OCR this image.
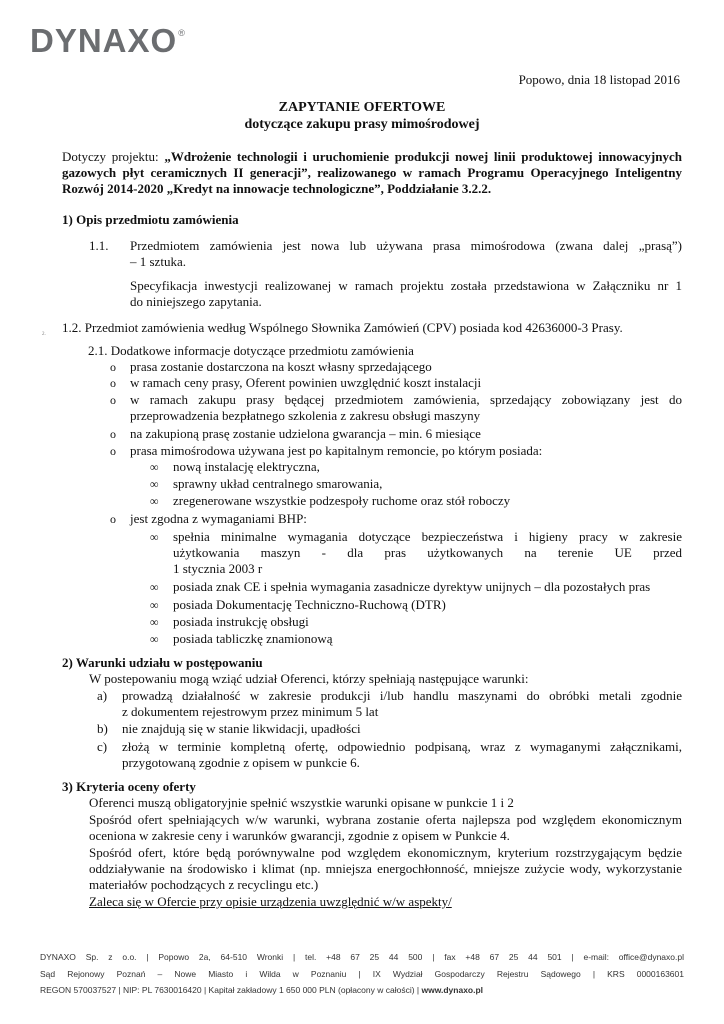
DYNAXO®
Popowo, dnia 18 listopad 2016
ZAPYTANIE OFERTOWE
dotyczące zakupu prasy mimośrodowej
Dotyczy projektu: „Wdrożenie technologii i uruchomienie produkcji nowej linii produktowej innowacyjnych
gazowych płyt ceramicznych II generacji”, realizowanego w ramach Programu Operacyjnego Inteligentny
Rozwój 2014-2020 „Kredyt na innowacje technologiczne”, Poddziałanie 3.2.2.
1) Opis przedmiotu zamówienia
1.1. Przedmiotem zamówienia jest nowa lub używana prasa mimośrodowa (zwana dalej „prasą”)
– 1 sztuka.
Specyfikacja inwestycji realizowanej w ramach projektu została przedstawiona w Załączniku nr 1
do niniejszego zapytania.
1.2. Przedmiot zamówienia według Wspólnego Słownika Zamówień (CPV) posiada kod 42636000-3 Prasy.
2.
2.1. Dodatkowe informacje dotyczące przedmiotu zamówienia
o prasa zostanie dostarczona na koszt własny sprzedającego
o w ramach ceny prasy, Oferent powinien uwzględnić koszt instalacji
o w ramach zakupu prasy będącej przedmiotem zamówienia, sprzedający zobowiązany jest do
przeprowadzenia bezpłatnego szkolenia z zakresu obsługi maszyny
o na zakupioną prasę zostanie udzielona gwarancja – min. 6 miesiące
o prasa mimośrodowa używana jest po kapitalnym remoncie, po którym posiada:
∞ nową instalację elektryczna,
∞ sprawny układ centralnego smarowania,
∞ zregenerowane wszystkie podzespoły ruchome oraz stół roboczy
o jest zgodna z wymaganiami BHP:
∞ spełnia minimalne wymagania dotyczące bezpieczeństwa i higieny pracy w zakresie
użytkowania maszyn - dla pras użytkowanych na terenie UE przed
1 stycznia 2003 r
∞ posiada znak CE i spełnia wymagania zasadnicze dyrektyw unijnych – dla pozostałych pras
∞ posiada Dokumentację Techniczno-Ruchową (DTR)
∞ posiada instrukcję obsługi
∞ posiada tabliczkę znamionową
2) Warunki udziału w postępowaniu
W postepowaniu mogą wziąć udział Oferenci, którzy spełniają następujące warunki:
a) prowadzą działalność w zakresie produkcji i/lub handlu maszynami do obróbki metali zgodnie
z dokumentem rejestrowym przez minimum 5 lat
b) nie znajdują się w stanie likwidacji, upadłości
c) złożą w terminie kompletną ofertę, odpowiednio podpisaną, wraz z wymaganymi załącznikami,
przygotowaną zgodnie z opisem w punkcie 6.
3) Kryteria oceny oferty
Oferenci muszą obligatoryjnie spełnić wszystkie warunki opisane w punkcie 1 i 2
Spośród ofert spełniających w/w warunki, wybrana zostanie oferta najlepsza pod względem ekonomicznym
oceniona w zakresie ceny i warunków gwarancji, zgodnie z opisem w Punkcie 4.
Spośród ofert, które będą porównywalne pod względem ekonomicznym, kryterium rozstrzygającym będzie
oddziaływanie na środowisko i klimat (np. mniejsza energochłonność, mniejsze zużycie wody, wykorzystanie
materiałów pochodzących z recyclingu etc.)
Zaleca się w Ofercie przy opisie urządzenia uwzględnić w/w aspekty/
DYNAXO Sp. z o.o. | Popowo 2a, 64-510 Wronki | tel. +48 67 25 44 500 | fax +48 67 25 44 501 | e-mail: office@dynaxo.pl
Sąd Rejonowy Poznań – Nowe Miasto i Wilda w Poznaniu | IX Wydział Gospodarczy Rejestru Sądowego | KRS 0000163601
REGON 570037527 | NIP: PL 7630016420 | Kapitał zakładowy 1 650 000 PLN (opłacony w całości) | www.dynaxo.pl
